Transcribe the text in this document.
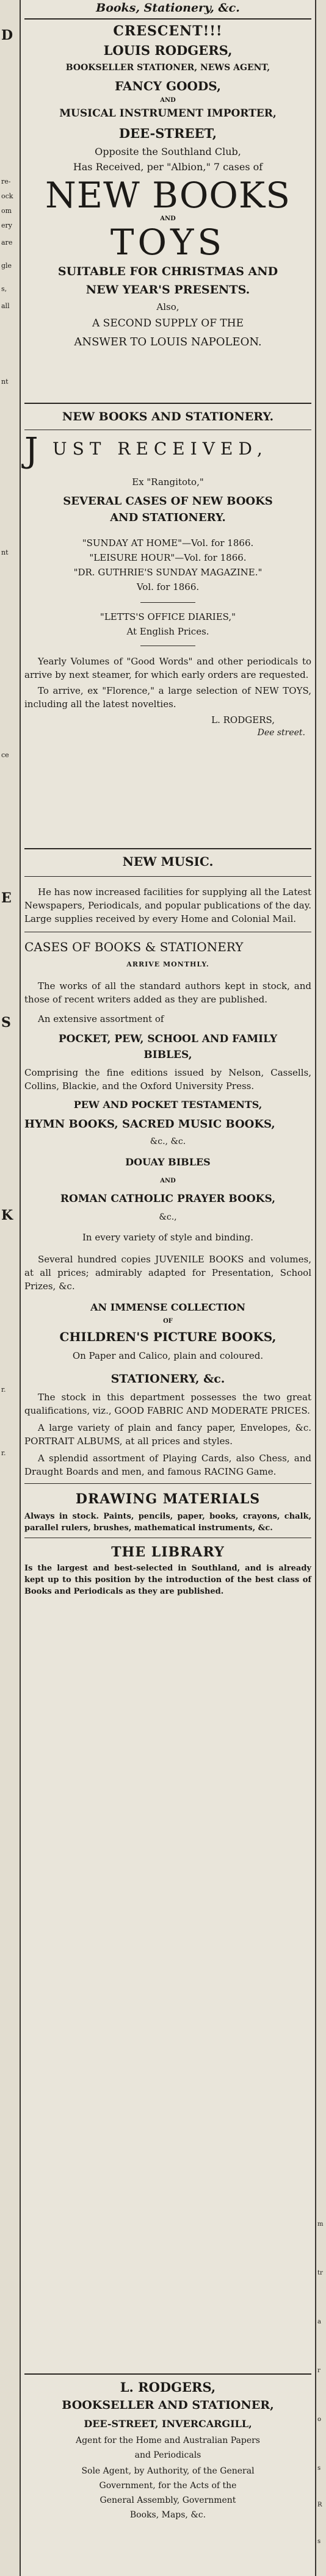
D
re-
ock
om
ery
are
gle
s,
all
nt
nt
ce
E
S
K
r.
r.
m
tr
a
r
o
s
R
s
Books, Stationery, &c.
CRESCENT!!!
LOUIS RODGERS,
BOOKSELLER STATIONER, NEWS AGENT,
FANCY GOODS,
AND
MUSICAL INSTRUMENT IMPORTER,
DEE-STREET,
Opposite the Southland Club,
Has Received, per "Albion," 7 cases of
NEW BOOKS
AND
TOYS
SUITABLE FOR CHRISTMAS AND
NEW YEAR'S PRESENTS.
Also,
A SECOND SUPPLY OF THE
ANSWER TO LOUIS NAPOLEON.
NEW BOOKS AND STATIONERY.
J UST RECEIVED,
Ex "Rangitoto,"
SEVERAL CASES OF NEW BOOKS
AND STATIONERY.
"SUNDAY AT HOME"—Vol. for 1866.
"LEISURE HOUR"—Vol. for 1866.
"DR. GUTHRIE'S SUNDAY MAGAZINE."
Vol. for 1866.
"LETTS'S OFFICE DIARIES,"
At English Prices.
Yearly Volumes of "Good Words" and other periodicals to arrive by next steamer, for which early orders are requested.
To arrive, ex "Florence," a large selection of NEW TOYS, including all the latest novelties.
L. RODGERS,
Dee street.
NEW MUSIC.
He has now increased facilities for supplying all the Latest Newspapers, Periodicals, and popular publications of the day. Large supplies received by every Home and Colonial Mail.
CASES OF BOOKS & STATIONERY
ARRIVE MONTHLY.
The works of all the standard authors kept in stock, and those of recent writers added as they are published.
An extensive assortment of
POCKET, PEW, SCHOOL AND FAMILY
BIBLES,
Comprising the fine editions issued by Nelson, Cassells, Collins, Blackie, and the Oxford University Press.
PEW AND POCKET TESTAMENTS,
HYMN BOOKS, SACRED MUSIC BOOKS,
&c., &c.
DOUAY BIBLES
AND
ROMAN CATHOLIC PRAYER BOOKS,
&c.,
In every variety of style and binding.
Several hundred copies JUVENILE BOOKS and volumes, at all prices; admirably adapted for Presentation, School Prizes, &c.
AN IMMENSE COLLECTION
OF
CHILDREN'S PICTURE BOOKS,
On Paper and Calico, plain and coloured.
STATIONERY, &c.
The stock in this department possesses the two great qualifications, viz., GOOD FABRIC AND MODERATE PRICES.
A large variety of plain and fancy paper, Envelopes, &c. PORTRAIT ALBUMS, at all prices and styles.
A splendid assortment of Playing Cards, also Chess, and Draught Boards and men, and famous RACING Game.
DRAWING MATERIALS
Always in stock. Paints, pencils, paper, books, crayons, chalk, parallel rulers, brushes, mathematical instruments, &c.
THE LIBRARY
Is the largest and best-selected in Southland, and is already kept up to this position by the introduction of the best class of Books and Periodicals as they are published.
L. RODGERS,
BOOKSELLER AND STATIONER,
DEE-STREET, INVERCARGILL,
Agent for the Home and Australian Papers
and Periodicals
Sole Agent, by Authority, of the General
Government, for the Acts of the
General Assembly, Government
Books, Maps, &c.
